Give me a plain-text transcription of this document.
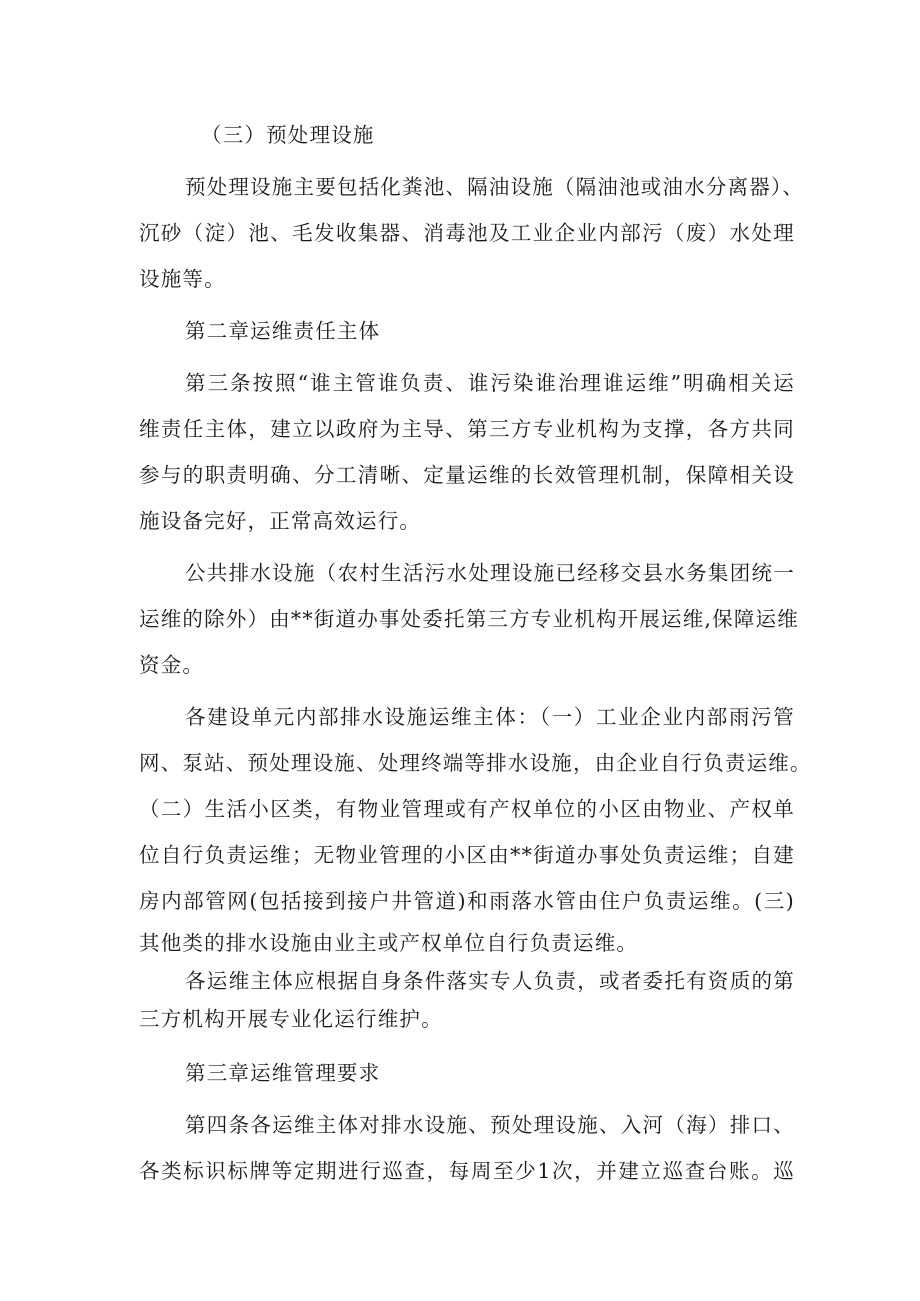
（三）预处理设施
预处理设施主要包括化粪池、隔油设施（隔油池或油水分离器）、
沉砂（淀）池、毛发收集器、消毒池及工业企业内部污（废）水处理
设施等。
第二章运维责任主体
第三条按照“谁主管谁负责、谁污染谁治理谁运维”明确相关运
维责任主体，建立以政府为主导、第三方专业机构为支撑，各方共同
参与的职责明确、分工清晰、定量运维的长效管理机制，保障相关设
施设备完好，正常高效运行。
公共排水设施（农村生活污水处理设施已经移交县水务集团统一
运维的除外）由**街道办事处委托第三方专业机构开展运维,保障运维
资金。
各建设单元内部排水设施运维主体：（一）工业企业内部雨污管
网、泵站、预处理设施、处理终端等排水设施，由企业自行负责运维。
（二）生活小区类，有物业管理或有产权单位的小区由物业、产权单
位自行负责运维；无物业管理的小区由**街道办事处负责运维；自建
房内部管网(包括接到接户井管道)和雨落水管由住户负责运维。(三)
其他类的排水设施由业主或产权单位自行负责运维。
各运维主体应根据自身条件落实专人负责，或者委托有资质的第
三方机构开展专业化运行维护。
第三章运维管理要求
第四条各运维主体对排水设施、预处理设施、入河（海）排口、
各类标识标牌等定期进行巡查，每周至少1次，并建立巡查台账。巡
